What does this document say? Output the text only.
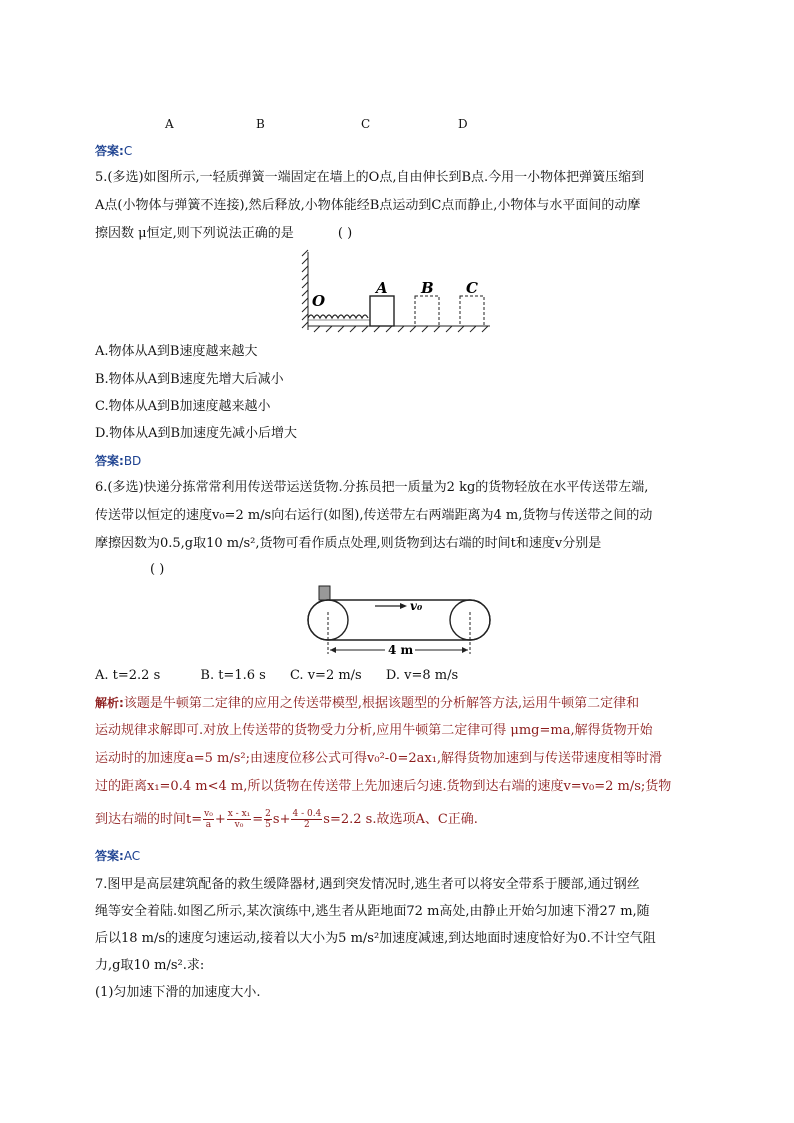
A	B	C	D
答案:C
5.(多选)如图所示,一轻质弹簧一端固定在墙上的O点,自由伸长到B点.今用一小物体把弹簧压缩到
A点(小物体与弹簧不连接),然后释放,小物体能经B点运动到C点而静止,小物体与水平面间的动摩
擦因数 μ恒定,则下列说法正确的是	( )
O
A B C
A.物体从A到B速度越来越大
B.物体从A到B速度先增大后减小
C.物体从A到B加速度越来越小
D.物体从A到B加速度先减小后增大
答案:BD
6.(多选)快递分拣常常利用传送带运送货物.分拣员把一质量为2 kg的货物轻放在水平传送带左端,
传送带以恒定的速度v₀=2 m/s向右运行(如图),传送带左右两端距离为4 m,货物与传送带之间的动
摩擦因数为0.5,g取10 m/s²,货物可看作质点处理,则货物到达右端的时间t和速度v分别是
( )
v₀
4 m
A. t=2.2 s	B. t=1.6 s C. v=2 m/s D. v=8 m/s
解析:该题是牛顿第二定律的应用之传送带模型,根据该题型的分析解答方法,运用牛顿第二定律和
运动规律求解即可.对放上传送带的货物受力分析,应用牛顿第二定律可得 μmg=ma,解得货物开始
运动时的加速度a=5 m/s²;由速度位移公式可得v₀²-0=2ax₁,解得货物加速到与传送带速度相等时滑
过的距离x₁=0.4 m<4 m,所以货物在传送带上先加速后匀速.货物到达右端的速度v=v₀=2 m/s;货物
到达右端的时间$t= \frac{\text{v₀}}{a} + \frac{\text{x - x₁}}{\text{v₀}} = \frac{2}{5} s+ \frac{4 - 0.4}{2} s=2.2$ s.故选项A、C正确.
答案:AC
7.图甲是高层建筑配备的救生缓降器材,遇到突发情况时,逃生者可以将安全带系于腰部,通过钢丝
绳等安全着陆.如图乙所示,某次演练中,逃生者从距地面72 m高处,由静止开始匀加速下滑27 m,随
后以18 m/s的速度匀速运动,接着以大小为5 m/s²加速度减速,到达地面时速度恰好为0.不计空气阻
力,g取10 m/s².求:
(1)匀加速下滑的加速度大小.
